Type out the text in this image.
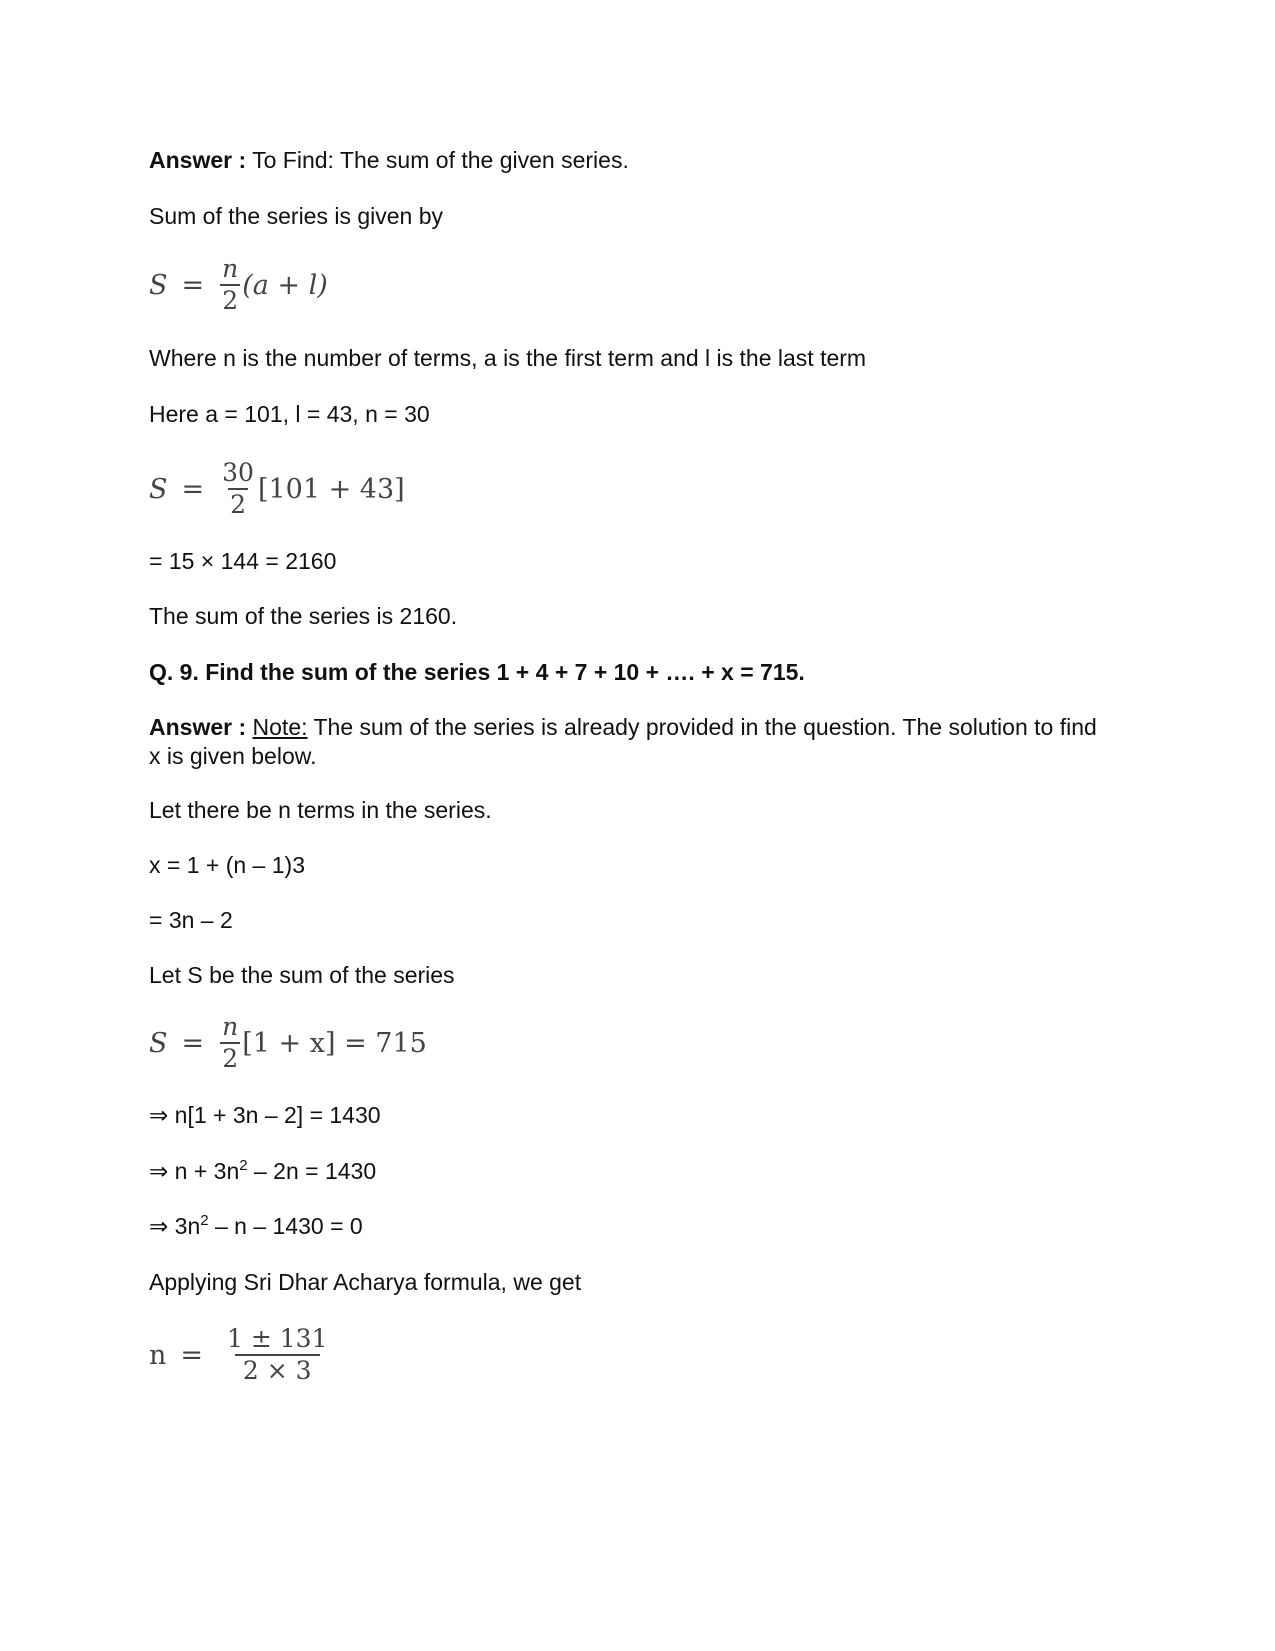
Answer : To Find: The sum of the given series.
Sum of the series is given by
$S = \frac{n}{2} (a + l)$
Where n is the number of terms, a is the first term and l is the last term
Here a = 101, l = 43, n = 30
$S = \frac{30}{2} [101 + 43]$
= 15 × 144 = 2160
The sum of the series is 2160.
Q. 9. Find the sum of the series 1 + 4 + 7 + 10 + …. + x = 715.
Answer : Note: The sum of the series is already provided in the question. The solution to find x is given below.
Let there be n terms in the series.
x = 1 + (n – 1)3
= 3n – 2
Let S be the sum of the series
$S = \frac{n}{2} [1 + x] = 715$
⇒ n[1 + 3n – 2] = 1430
⇒ $n + 3n^2 - 2n = 1430$
⇒ $3n^2 - n - 1430 = 0$
Applying Sri Dhar Acharya formula, we get
$n = \frac{1 \pm 131}{2 \times 3}$
